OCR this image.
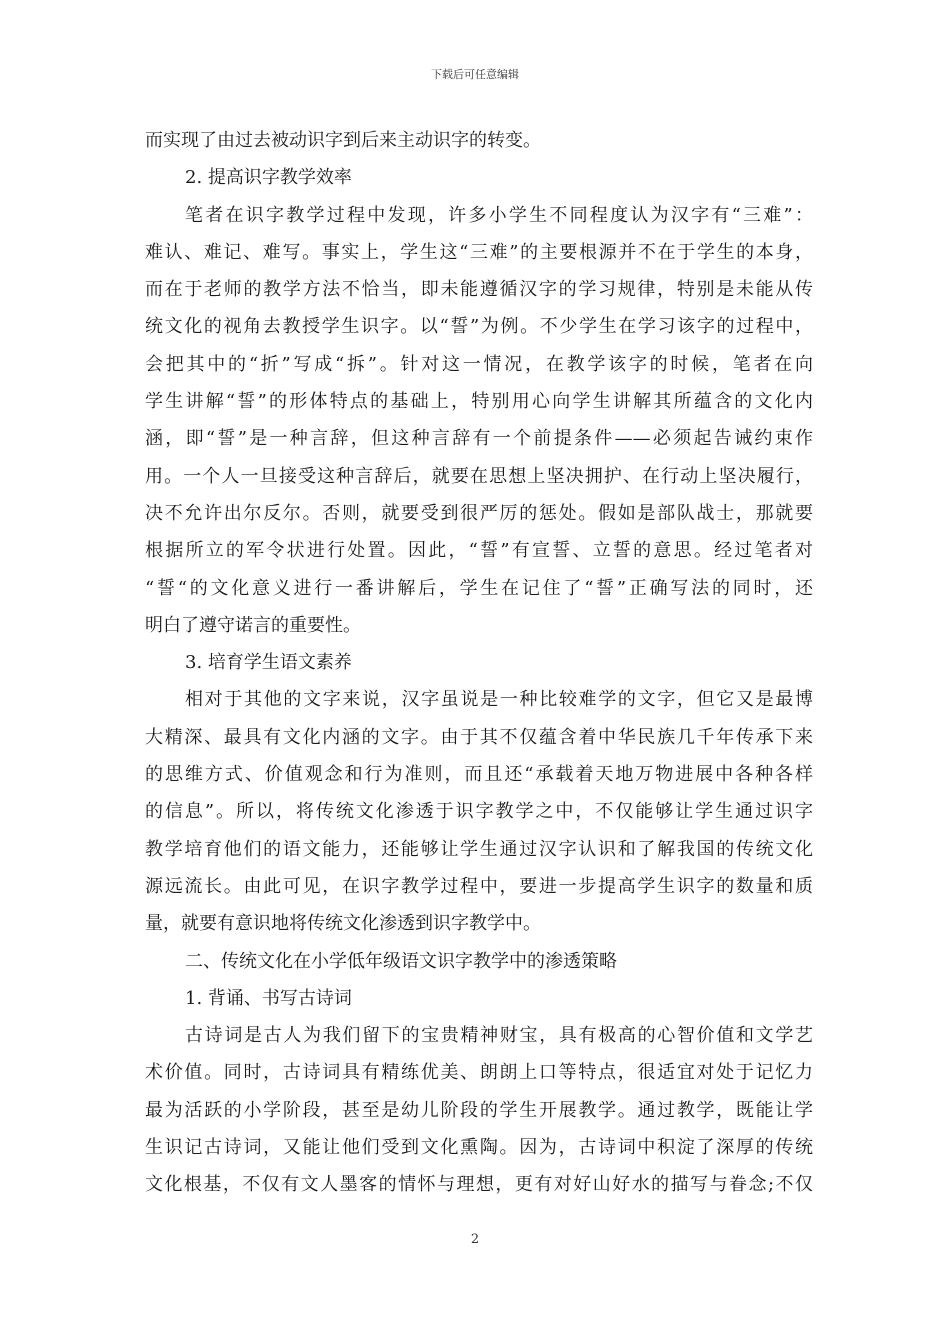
下载后可任意编辑
而实现了由过去被动识字到后来主动识字的转变。
2. 提高识字教学效率
笔者在识字教学过程中发现，许多小学生不同程度认为汉字有“三难”：
难认、难记、难写。事实上，学生这“三难”的主要根源并不在于学生的本身，
而在于老师的教学方法不恰当，即未能遵循汉字的学习规律，特别是未能从传
统文化的视角去教授学生识字。以“誓”为例。不少学生在学习该字的过程中，
会把其中的“折”写成“拆”。针对这一情况，在教学该字的时候，笔者在向
学生讲解“誓”的形体特点的基础上，特别用心向学生讲解其所蕴含的文化内
涵，即“誓”是一种言辞，但这种言辞有一个前提条件——必须起告诫约束作
用。一个人一旦接受这种言辞后，就要在思想上坚决拥护、在行动上坚决履行，
决不允许出尔反尔。否则，就要受到很严厉的惩处。假如是部队战士，那就要
根据所立的军令状进行处置。因此，“誓”有宣誓、立誓的意思。经过笔者对
“誓“的文化意义进行一番讲解后，学生在记住了“誓”正确写法的同时，还
明白了遵守诺言的重要性。
3. 培育学生语文素养
相对于其他的文字来说，汉字虽说是一种比较难学的文字，但它又是最博
大精深、最具有文化内涵的文字。由于其不仅蕴含着中华民族几千年传承下来
的思维方式、价值观念和行为准则，而且还“承载着天地万物进展中各种各样
的信息”。所以，将传统文化渗透于识字教学之中，不仅能够让学生通过识字
教学培育他们的语文能力，还能够让学生通过汉字认识和了解我国的传统文化
源远流长。由此可见，在识字教学过程中，要进一步提高学生识字的数量和质
量，就要有意识地将传统文化渗透到识字教学中。
二、传统文化在小学低年级语文识字教学中的渗透策略
1. 背诵、书写古诗词
古诗词是古人为我们留下的宝贵精神财宝，具有极高的心智价值和文学艺
术价值。同时，古诗词具有精练优美、朗朗上口等特点，很适宜对处于记忆力
最为活跃的小学阶段，甚至是幼儿阶段的学生开展教学。通过教学，既能让学
生识记古诗词，又能让他们受到文化熏陶。因为，古诗词中积淀了深厚的传统
文化根基，不仅有文人墨客的情怀与理想，更有对好山好水的描写与眷念;不仅
2
